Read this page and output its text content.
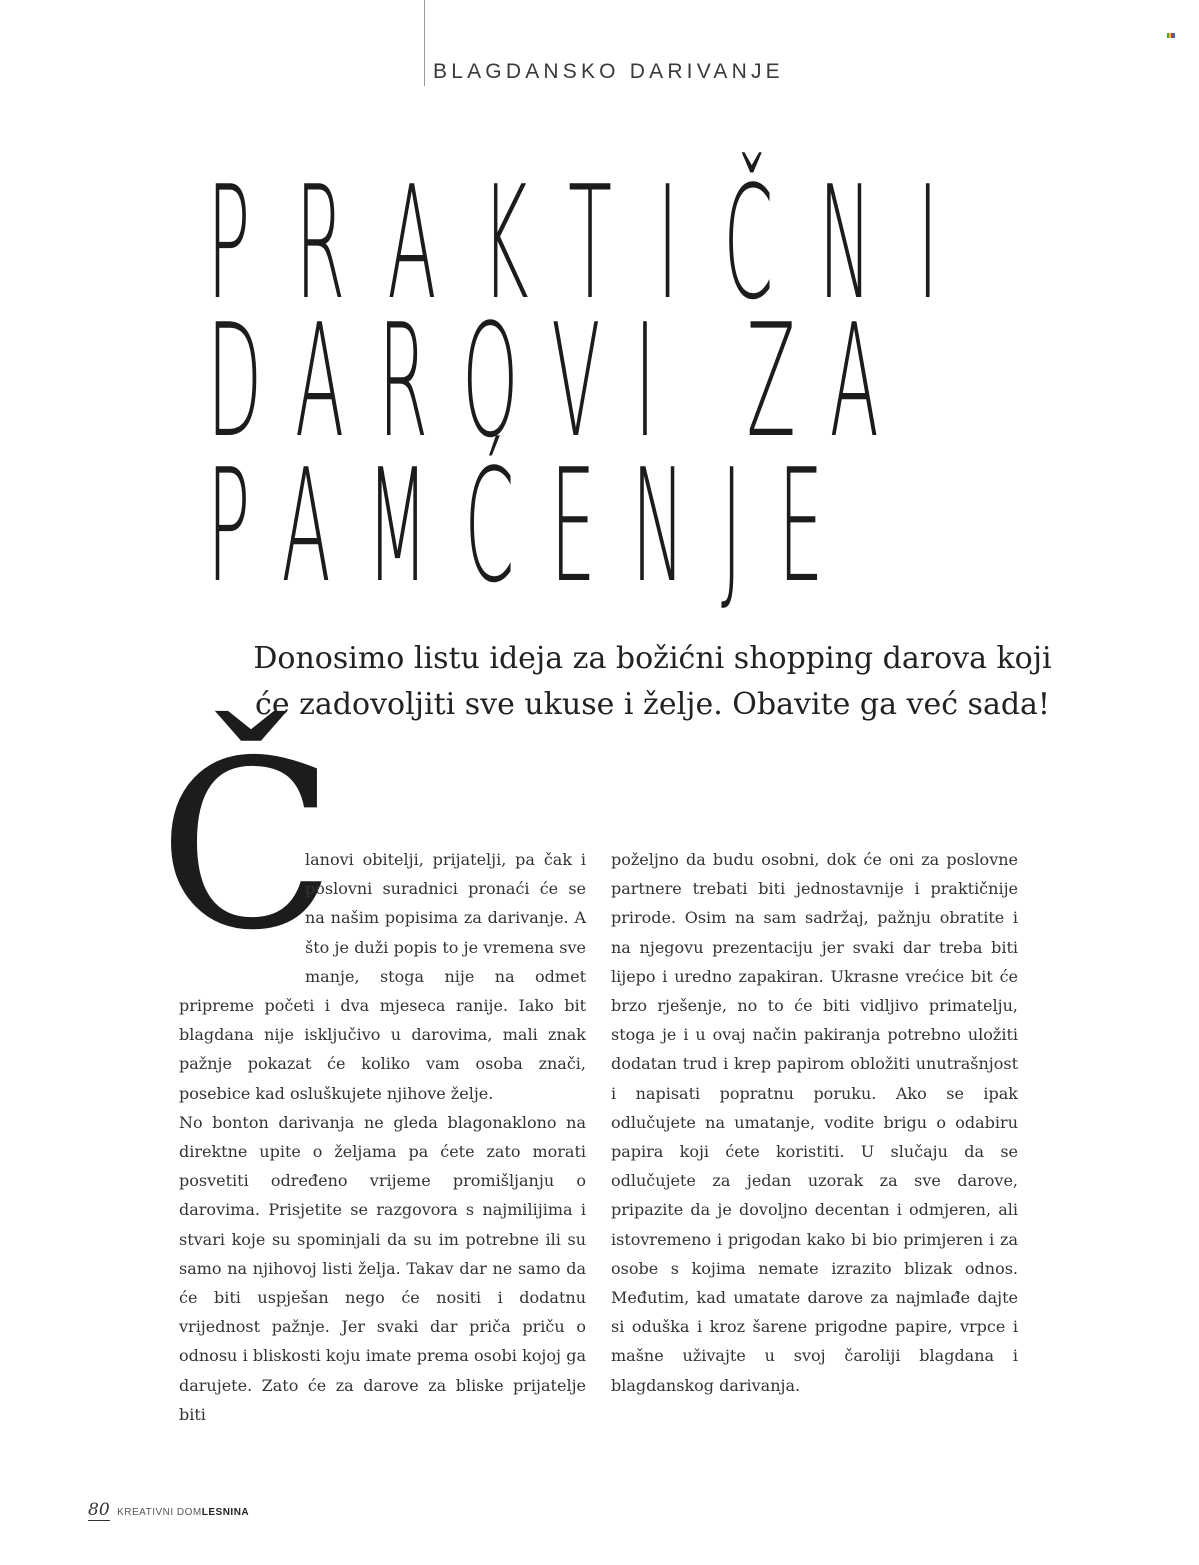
BLAGDANSKO DARIVANJE
PRAKTIČNI
DAROVI ZA
PAMĆENJE
Donosimo listu ideja za božićni shopping darova koji
će zadovoljiti sve ukuse i želje. Obavite ga već sada!
Č

lanovi obitelji, prijatelji, pa čak i poslovni suradnici pronaći će se na našim popisima za darivanje. A što je duži popis to je vremena sve manje, stoga nije na odmet pripreme početi i dva mjeseca ranije. Iako bit blagdana nije isključivo u darovima, mali znak pažnje pokazat će koliko vam osoba znači, posebice kad osluškujete njihove želje.

No bonton darivanja ne gleda blagonaklono na direktne upite o željama pa ćete zato morati posvetiti određeno vrijeme promišljanju o darovima. Prisjetite se razgovora s najmilijima i stvari koje su spominjali da su im potrebne ili su samo na njihovoj listi želja. Takav dar ne samo da će biti uspješan nego će nositi i dodatnu vrijednost pažnje. Jer svaki dar priča priču o odnosu i bliskosti koju imate prema osobi kojoj ga darujete. Zato će za darove za bliske prijatelje biti

poželjno da budu osobni, dok će oni za poslovne partnere trebati biti jednostavnije i praktičnije prirode. Osim na sam sadržaj, pažnju obratite i na njegovu prezentaciju jer svaki dar treba biti lijepo i uredno zapakiran. Ukrasne vrećice bit će brzo rješenje, no to će biti vidljivo primatelju, stoga je i u ovaj način pakiranja potrebno uložiti dodatan trud i krep papirom obložiti unutrašnjost i napisati popratnu poruku. Ako se ipak odlučujete na umatanje, vodite brigu o odabiru papira koji ćete koristiti. U slučaju da se odlučujete za jedan uzorak za sve darove, pripazite da je dovoljno decentan i odmjeren, ali istovremeno i prigodan kako bi bio primjeren i za osobe s kojima nemate izrazito blizak odnos. Međutim, kad umatate darove za najmlađe dajte si oduška i kroz šarene prigodne papire, vrpce i mašne uživajte u svoj čaroliji blagdana i blagdanskog darivanja.

80 KREATIVNI DOMLESNINA
